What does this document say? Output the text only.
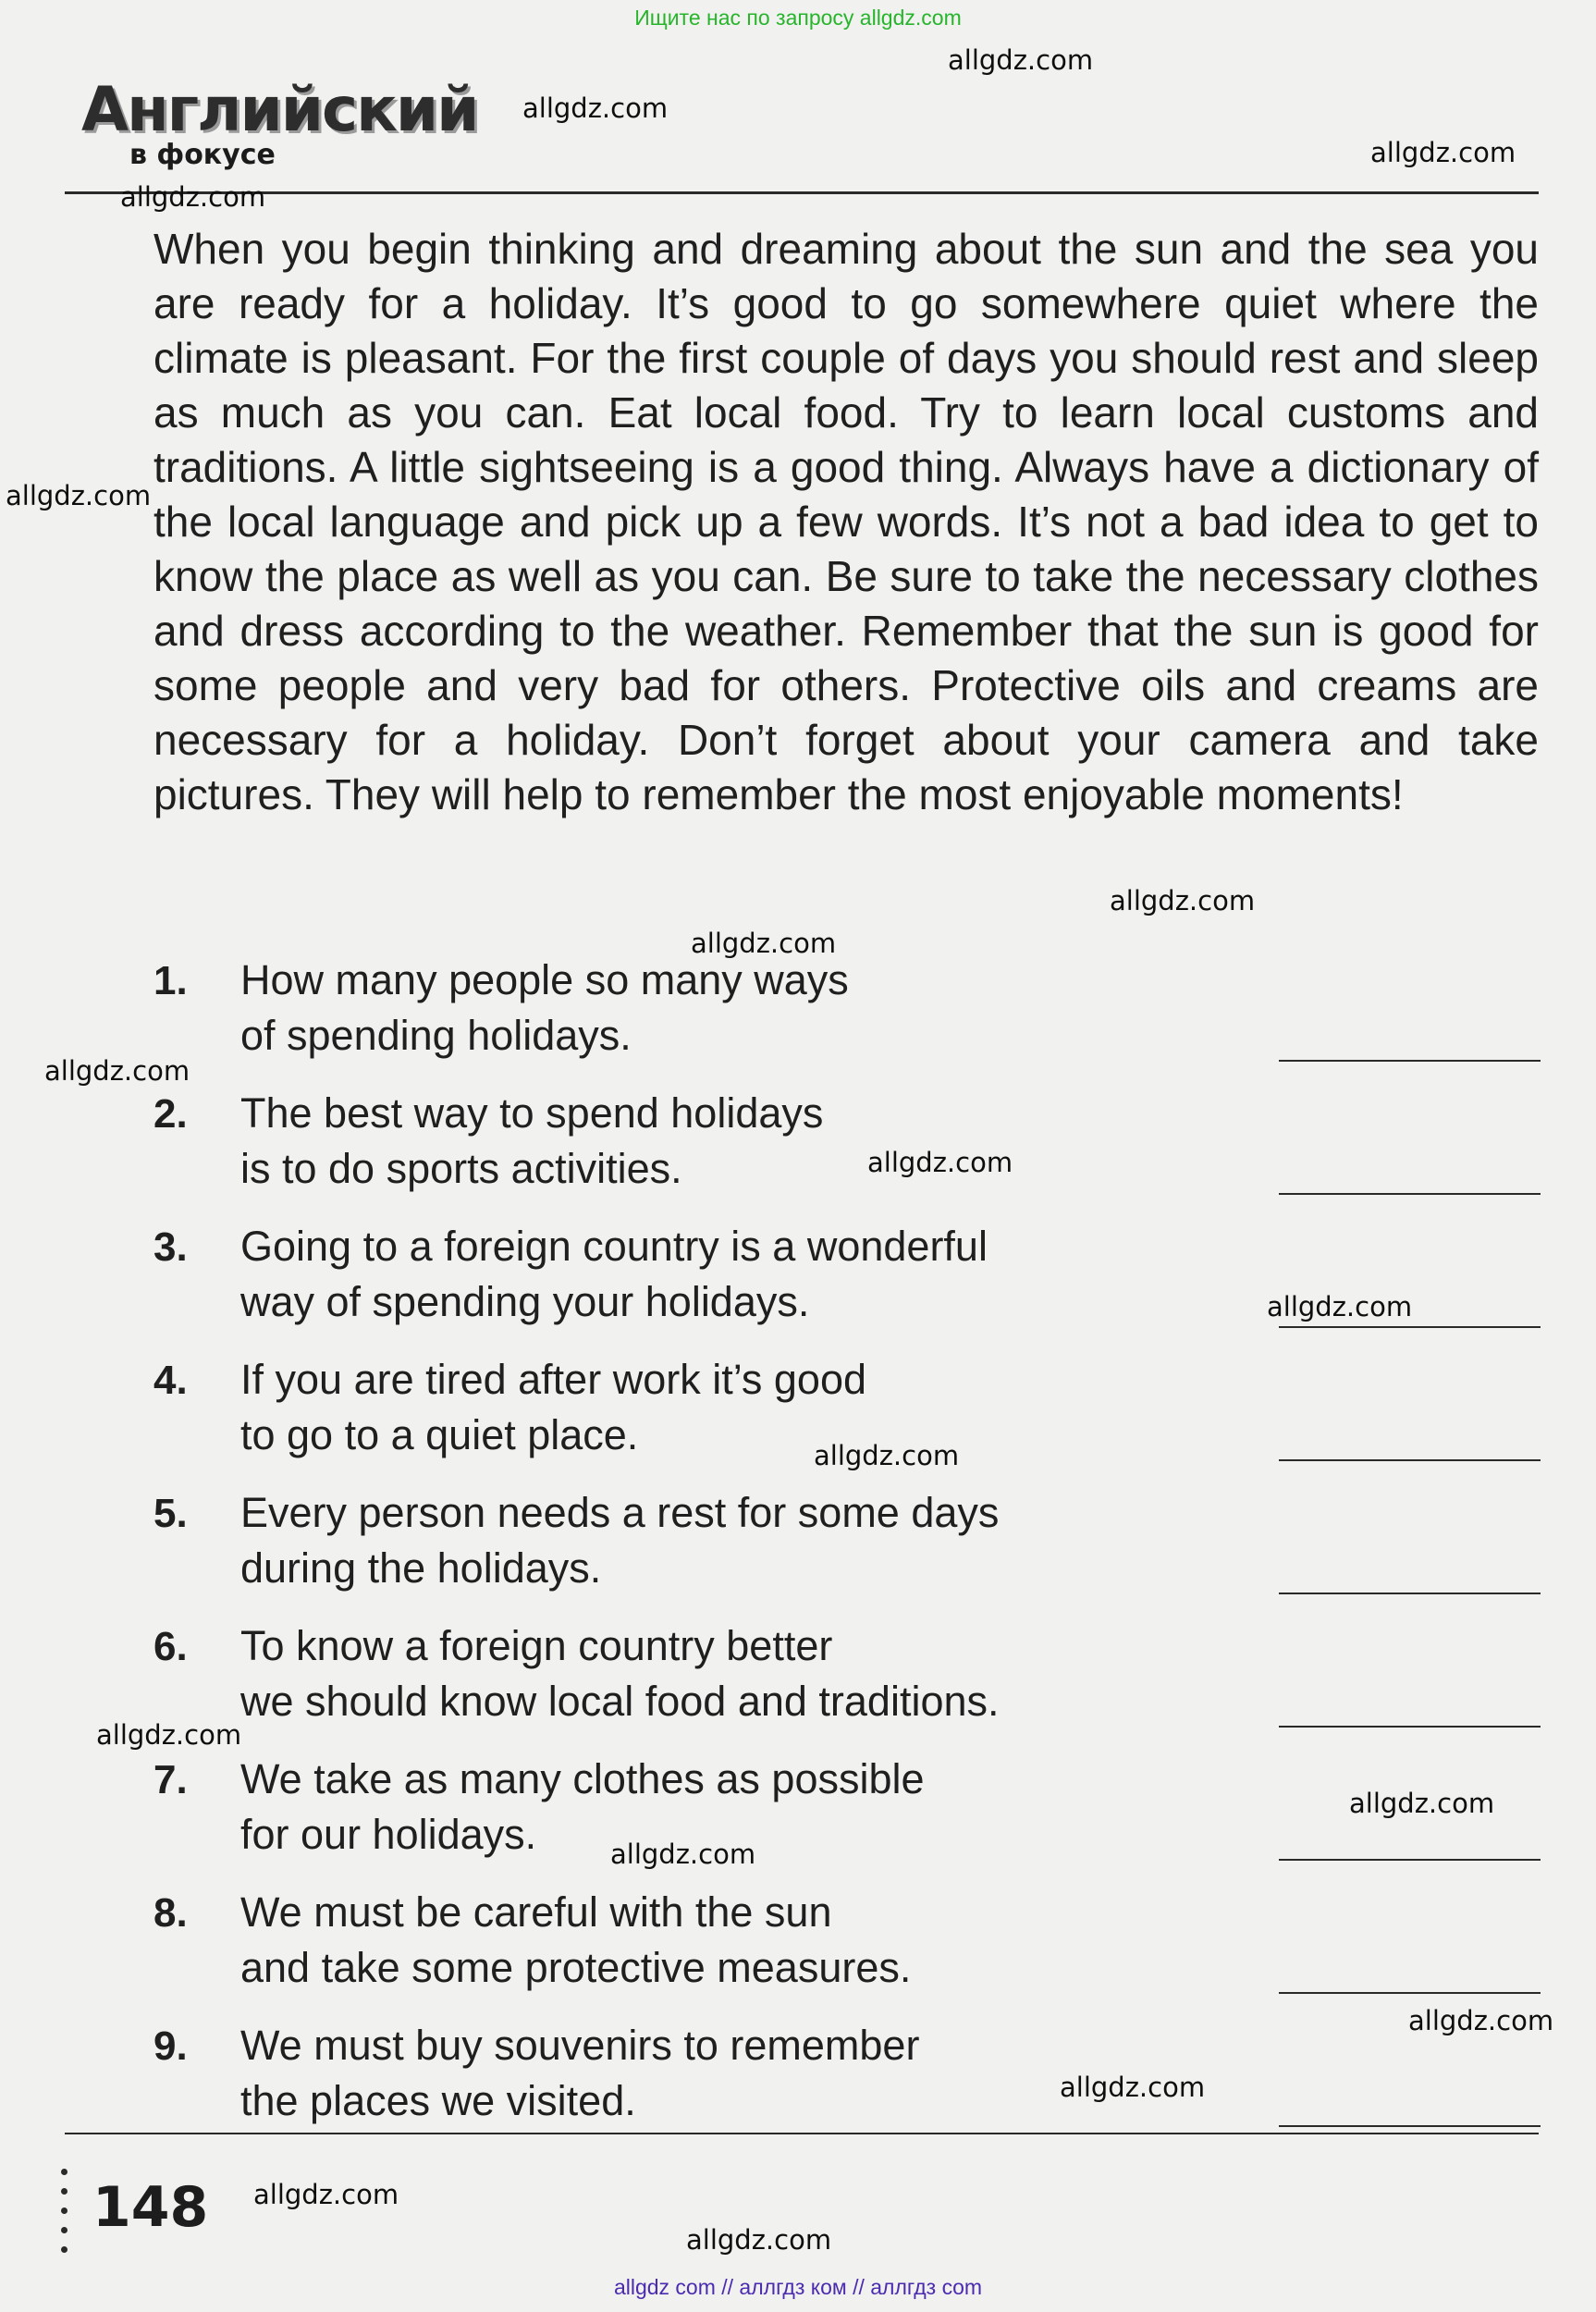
Ищите нас по запросу allgdz.com
Английский
в фокусе
allgdz.com
allgdz.com
allgdz.com
allgdz.com
allgdz.com
allgdz.com
allgdz.com
allgdz.com
allgdz.com
allgdz.com
allgdz.com
allgdz.com
allgdz.com
allgdz.com
allgdz.com
allgdz.com
allgdz.com
allgdz.com
When you begin thinking and dreaming about the sun and the sea you are ready for a holiday. It’s good to go somewhere quiet where the climate is pleasant. For the first couple of days you should rest and sleep as much as you can. Eat local food. Try to learn local customs and traditions. A little sightseeing is a good thing. Always have a dictionary of the local language and pick up a few words. It’s not a bad idea to get to know the place as well as you can. Be sure to take the necessary clothes and dress according to the weather. Remember that the sun is good for some people and very bad for others. Protective oils and creams are necessary for a holiday. Don’t forget about your camera and take pictures. They will help to remember the most enjoyable moments!
1. How many people so many ways
of spending holidays.
2. The best way to spend holidays
is to do sports activities.
3. Going to a foreign country is a wonderful
way of spending your holidays.
4. If you are tired after work it’s good
to go to a quiet place.
5. Every person needs a rest for some days
during the holidays.
6. To know a foreign country better
we should know local food and traditions.
7. We take as many clothes as possible
for our holidays.
8. We must be careful with the sun
and take some protective measures.
9. We must buy souvenirs to remember
the places we visited.
148
allgdz com // аллгдз ком // аллгдз com
